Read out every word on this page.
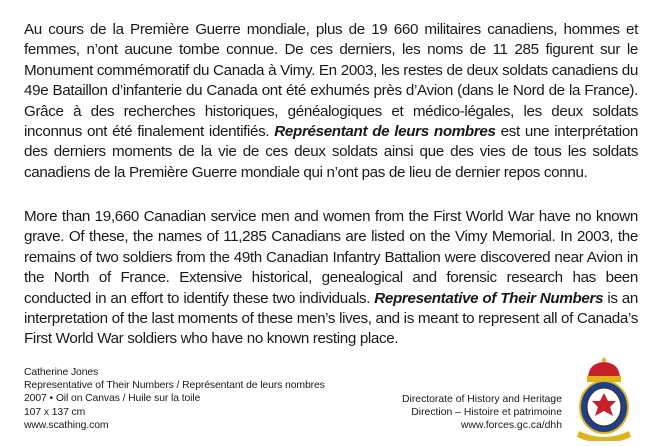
Au cours de la Première Guerre mondiale, plus de 19 660 militaires canadiens, hommes et femmes, n’ont aucune tombe connue. De ces derniers, les noms de 11 285 figurent sur le Monument commémoratif du Canada à Vimy. En 2003, les restes de deux soldats canadiens du 49e Bataillon d’infanterie du Canada ont été exhumés près d’Avion (dans le Nord de la France). Grâce à des recherches historiques, généalogiques et médico-légales, les deux soldats inconnus ont été finalement identifiés. Représentant de leurs nombres est une interprétation des derniers moments de la vie de ces deux soldats ainsi que des vies de tous les soldats canadiens de la Première Guerre mondiale qui n’ont pas de lieu de dernier repos connu.

More than 19,660 Canadian service men and women from the First World War have no known grave. Of these, the names of 11,285 Canadians are listed on the Vimy Memorial. In 2003, the remains of two soldiers from the 49th Canadian Infantry Battalion were discovered near Avion in the North of France. Extensive historical, genealogical and forensic research has been conducted in an effort to identify these two individuals. Representative of Their Numbers is an interpretation of the last moments of these men’s lives, and is meant to represent all of Canada’s First World War soldiers who have no known resting place.

Catherine Jones
Representative of Their Numbers / Représentant de leurs nombres
2007 • Oil on Canvas / Huile sur la toile
107 x 137 cm
www.scathing.com
Directorate of History and Heritage
Direction – Histoire et patrimoine
www.forces.gc.ca/dhh
